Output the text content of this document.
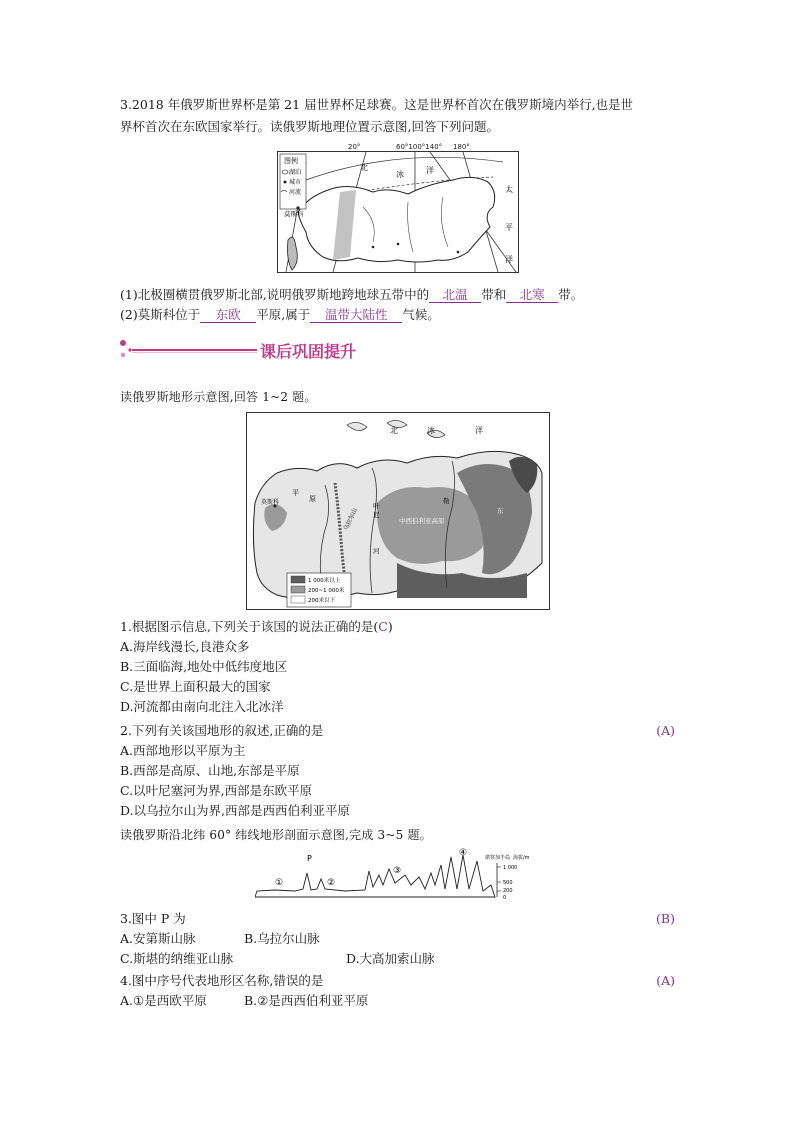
3.2018 年俄罗斯世界杯是第 21 届世界杯足球赛。这是世界杯首次在俄罗斯境内举行,也是世
界杯首次在东欧国家举行。读俄罗斯地理位置示意图,回答下列问题。
图例
湖泊
城市
河流
北
冰	洋
太
平
洋
莫斯科
20°	60°100°140° 180°
(1)北极圈横贯俄罗斯北部,说明俄罗斯地跨地球五带中的 北温 带和 北寒 带。
(2)莫斯科位于 东欧 平原,属于 温带大陆性 气候。
课后巩固提升
读俄罗斯地形示意图,回答 1~2 题。
北	冰	洋
莫斯科
平
原
中西伯利亚高原
乌拉尔山
叶
尼
河
勒
东
1 000米以上
200~1 000米
200米以下
1.根据图示信息,下列关于该国的说法正确的是(C)
A.海岸线漫长,良港众多
B.三面临海,地处中低纬度地区
C.是世界上面积最大的国家
D.河流都由南向北注入北冰洋
2.下列有关该国地形的叙述,正确的是	(A)
A.西部地形以平原为主
B.西部是高原、山地,东部是平原
C.以叶尼塞河为界,西部是东欧平原
D.以乌拉尔山为界,西部是西西伯利亚平原
读俄罗斯沿北纬 60° 纬线地形剖面示意图,完成 3~5 题。
P
①	②
③
④	堪察加半岛 海拔/m
1 000
500
200
0
3.图中 P 为	(B)
A.安第斯山脉	B.乌拉尔山脉
C.斯堪的纳维亚山脉	D.大高加索山脉
4.图中序号代表地形区名称,错误的是	(A)
A.①是西欧平原	B.②是西西伯利亚平原
